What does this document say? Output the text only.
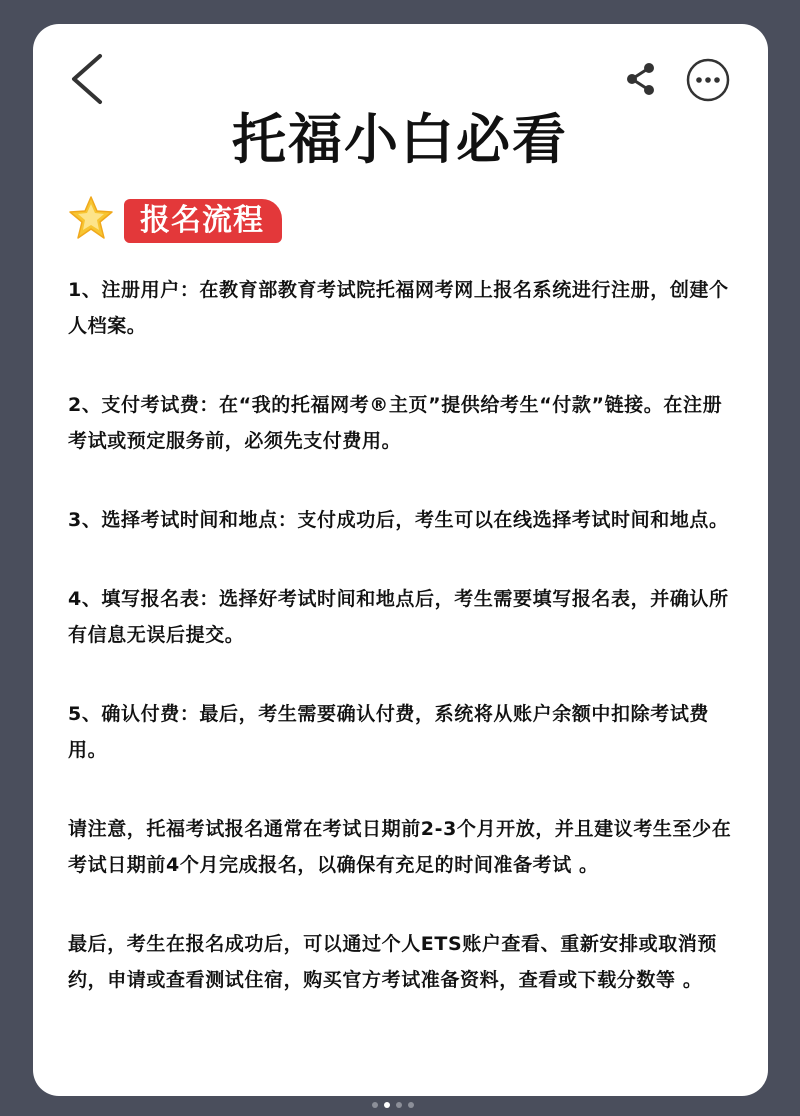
托福小白必看
报名流程

1、注册用户：在教育部教育考试院托福网考网上报名系统进行注册，创建个人档案。

2、支付考试费：在“我的托福网考®主页”提供给考生“付款”链接。在注册考试或预定服务前，必须先支付费用。

3、选择考试时间和地点：支付成功后，考生可以在线选择考试时间和地点。

4、填写报名表：选择好考试时间和地点后，考生需要填写报名表，并确认所有信息无误后提交。

5、确认付费：最后，考生需要确认付费，系统将从账户余额中扣除考试费用。

请注意，托福考试报名通常在考试日期前2-3个月开放，并且建议考生至少在考试日期前4个月完成报名，以确保有充足的时间准备考试 。

最后，考生在报名成功后，可以通过个人ETS账户查看、重新安排或取消预约，申请或查看测试住宿，购买官方考试准备资料，查看或下载分数等 。
